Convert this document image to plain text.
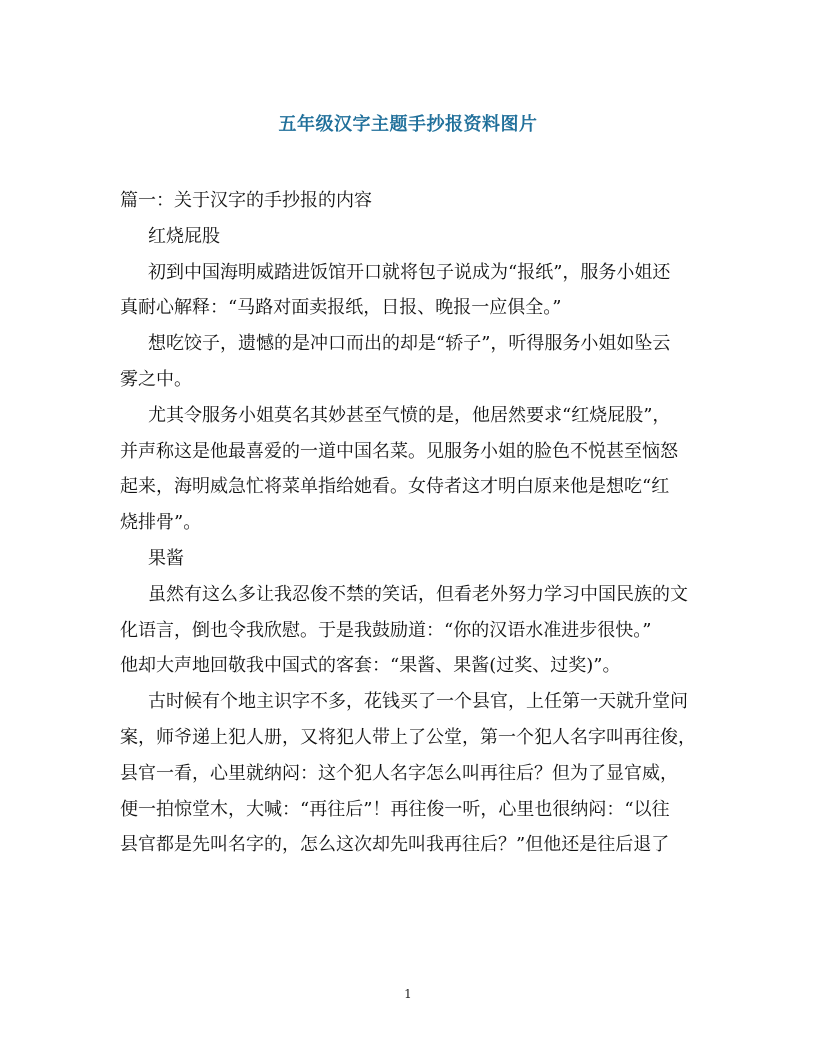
五年级汉字主题手抄报资料图片
篇一：关于汉字的手抄报的内容
红烧屁股
初到中国海明威踏进饭馆开口就将包子说成为“报纸”，服务小姐还
真耐心解释：“马路对面卖报纸，日报、晚报一应俱全。”
想吃饺子，遗憾的是冲口而出的却是“轿子”，听得服务小姐如坠云
雾之中。
尤其令服务小姐莫名其妙甚至气愤的是，他居然要求“红烧屁股”，
并声称这是他最喜爱的一道中国名菜。见服务小姐的脸色不悦甚至恼怒
起来，海明威急忙将菜单指给她看。女侍者这才明白原来他是想吃“红
烧排骨”。
果酱
虽然有这么多让我忍俊不禁的笑话，但看老外努力学习中国民族的文
化语言，倒也令我欣慰。于是我鼓励道：“你的汉语水准进步很快。”
他却大声地回敬我中国式的客套：“果酱、果酱(过奖、过奖)”。
古时候有个地主识字不多，花钱买了一个县官，上任第一天就升堂问
案，师爷递上犯人册，又将犯人带上了公堂，第一个犯人名字叫再往俊，
县官一看，心里就纳闷：这个犯人名字怎么叫再往后？但为了显官威，
便一拍惊堂木，大喊：“再往后”！再往俊一听，心里也很纳闷：“以往
县官都是先叫名字的，怎么这次却先叫我再往后？”但他还是往后退了
1
